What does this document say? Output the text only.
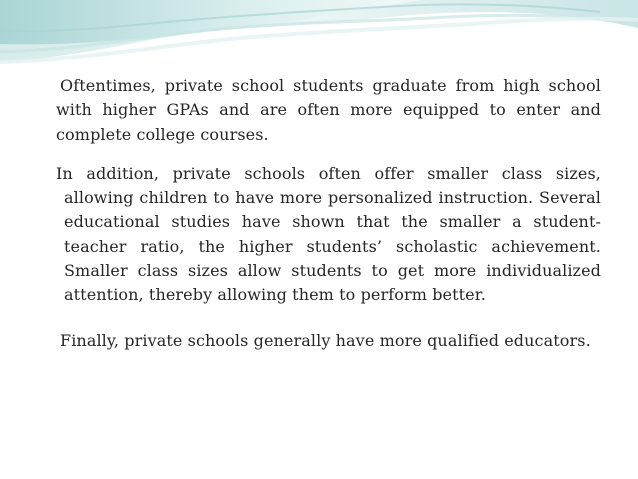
Oftentimes, private school students graduate from high school with higher GPAs and are often more equipped to enter and complete college courses.

In addition, private schools often offer smaller class sizes, allowing children to have more personalized instruction. Several educational studies have shown that the smaller a student-teacher ratio, the higher students’ scholastic achievement. Smaller class sizes allow students to get more individualized attention, thereby allowing them to perform better.

Finally, private schools generally have more qualified educators.
